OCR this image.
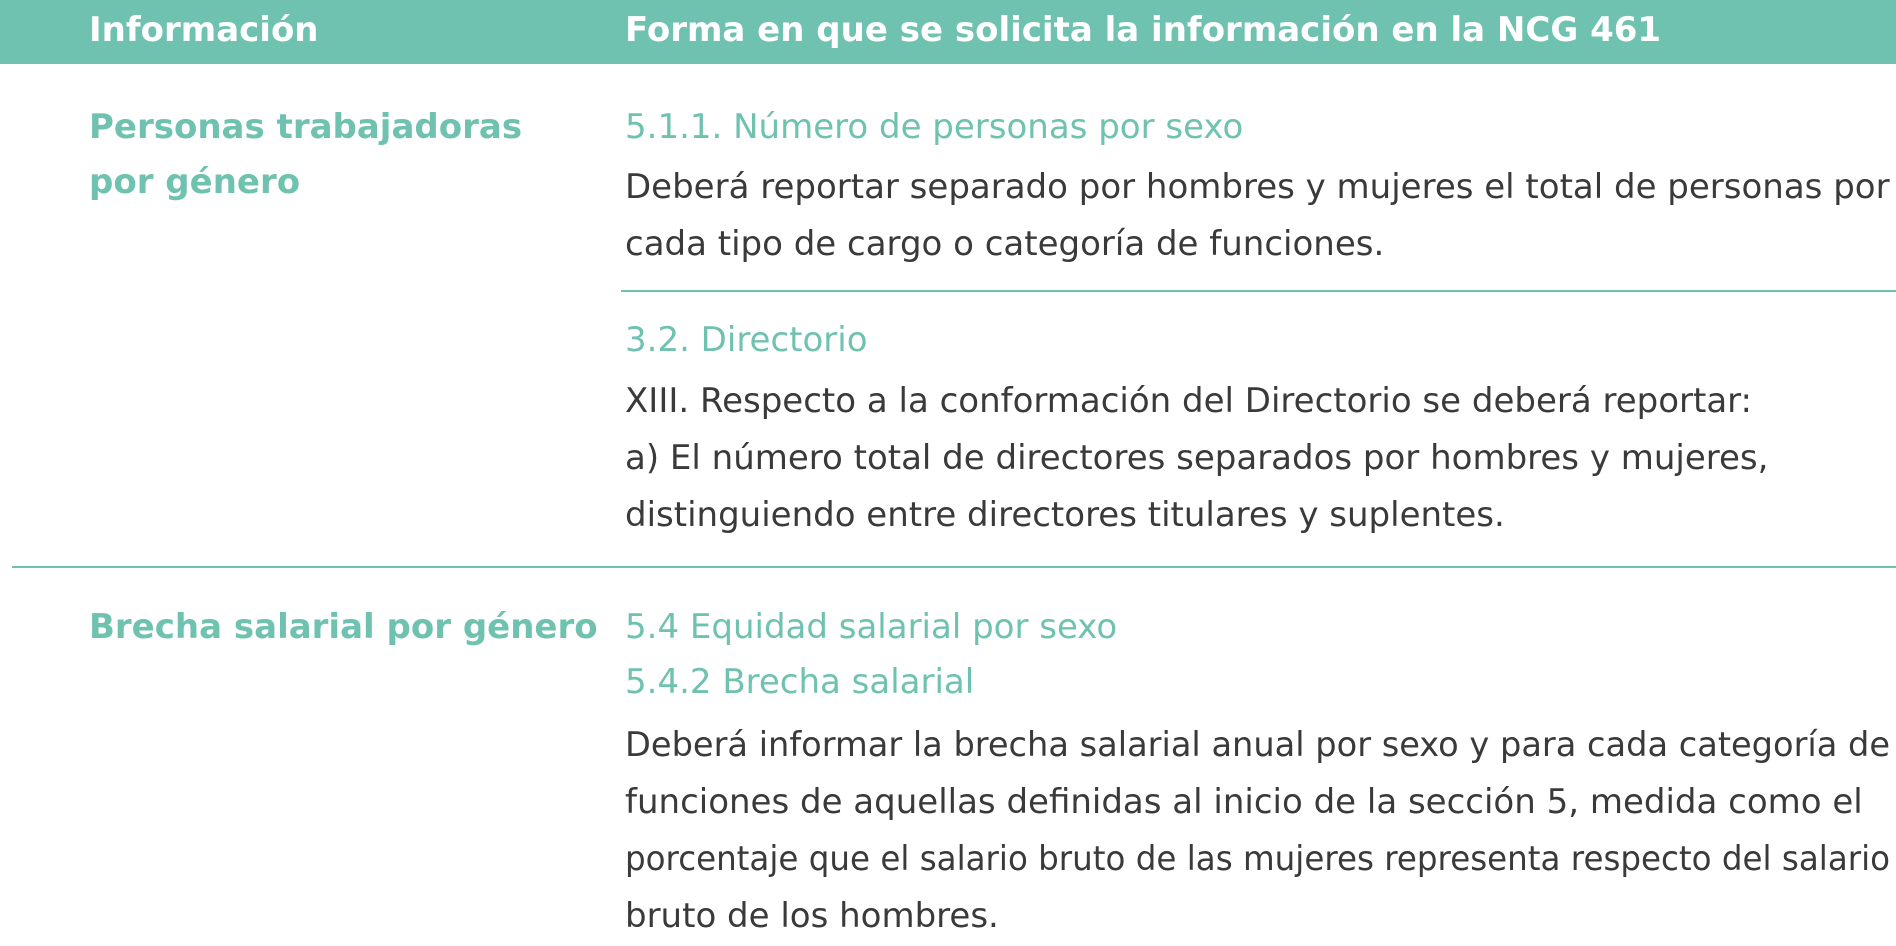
Información	Forma en que se solicita la información en la NCG 461
Personas trabajadoras
por género
5.1.1. Número de personas por sexo
Deberá reportar separado por hombres y mujeres el total de personas por
cada tipo de cargo o categoría de funciones.
3.2. Directorio
XIII. Respecto a la conformación del Directorio se deberá reportar:
a) El número total de directores separados por hombres y mujeres,
distinguiendo entre directores titulares y suplentes.
Brecha salarial por género 5.4 Equidad salarial por sexo
5.4.2 Brecha salarial
Deberá informar la brecha salarial anual por sexo y para cada categoría de
funciones de aquellas definidas al inicio de la sección 5, medida como el
porcentaje que el salario bruto de las mujeres representa respecto del salario
bruto de los hombres.
